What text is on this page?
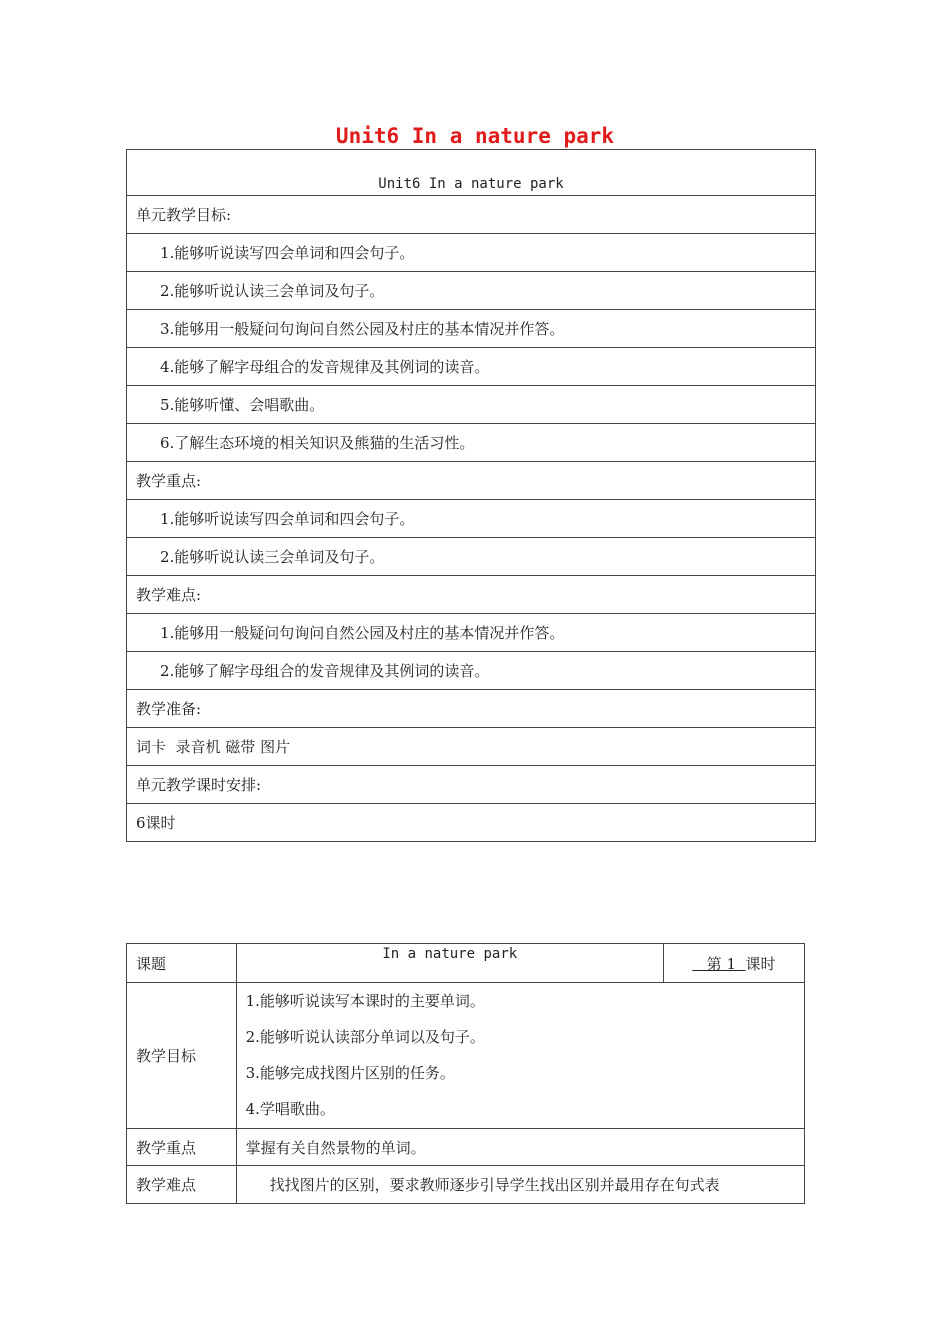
Unit6 In a nature park
Unit6 In a nature park
单元教学目标:
1.能够听说读写四会单词和四会句子。
2.能够听说认读三会单词及句子。
3.能够用一般疑问句询问自然公园及村庄的基本情况并作答。
4.能够了解字母组合的发音规律及其例词的读音。
5.能够听懂、会唱歌曲。
6.了解生态环境的相关知识及熊猫的生活习性。
教学重点:
1.能够听说读写四会单词和四会句子。
2.能够听说认读三会单词及句子。
教学难点:
1.能够用一般疑问句询问自然公园及村庄的基本情况并作答。
2.能够了解字母组合的发音规律及其例词的读音。
教学准备:
词卡  录音机 磁带 图片
单元教学课时安排:
6课时
课题	In a nature park	第 1 课时
教学目标	1.能够听说读写本课时的主要单词。
2.能够听说认读部分单词以及句子。
3.能够完成找图片区别的任务。
4.学唱歌曲。	

教学重点	掌握有关自然景物的单词。	
教学难点	找找图片的区别，要求教师逐步引导学生找出区别并最用存在句式表	
